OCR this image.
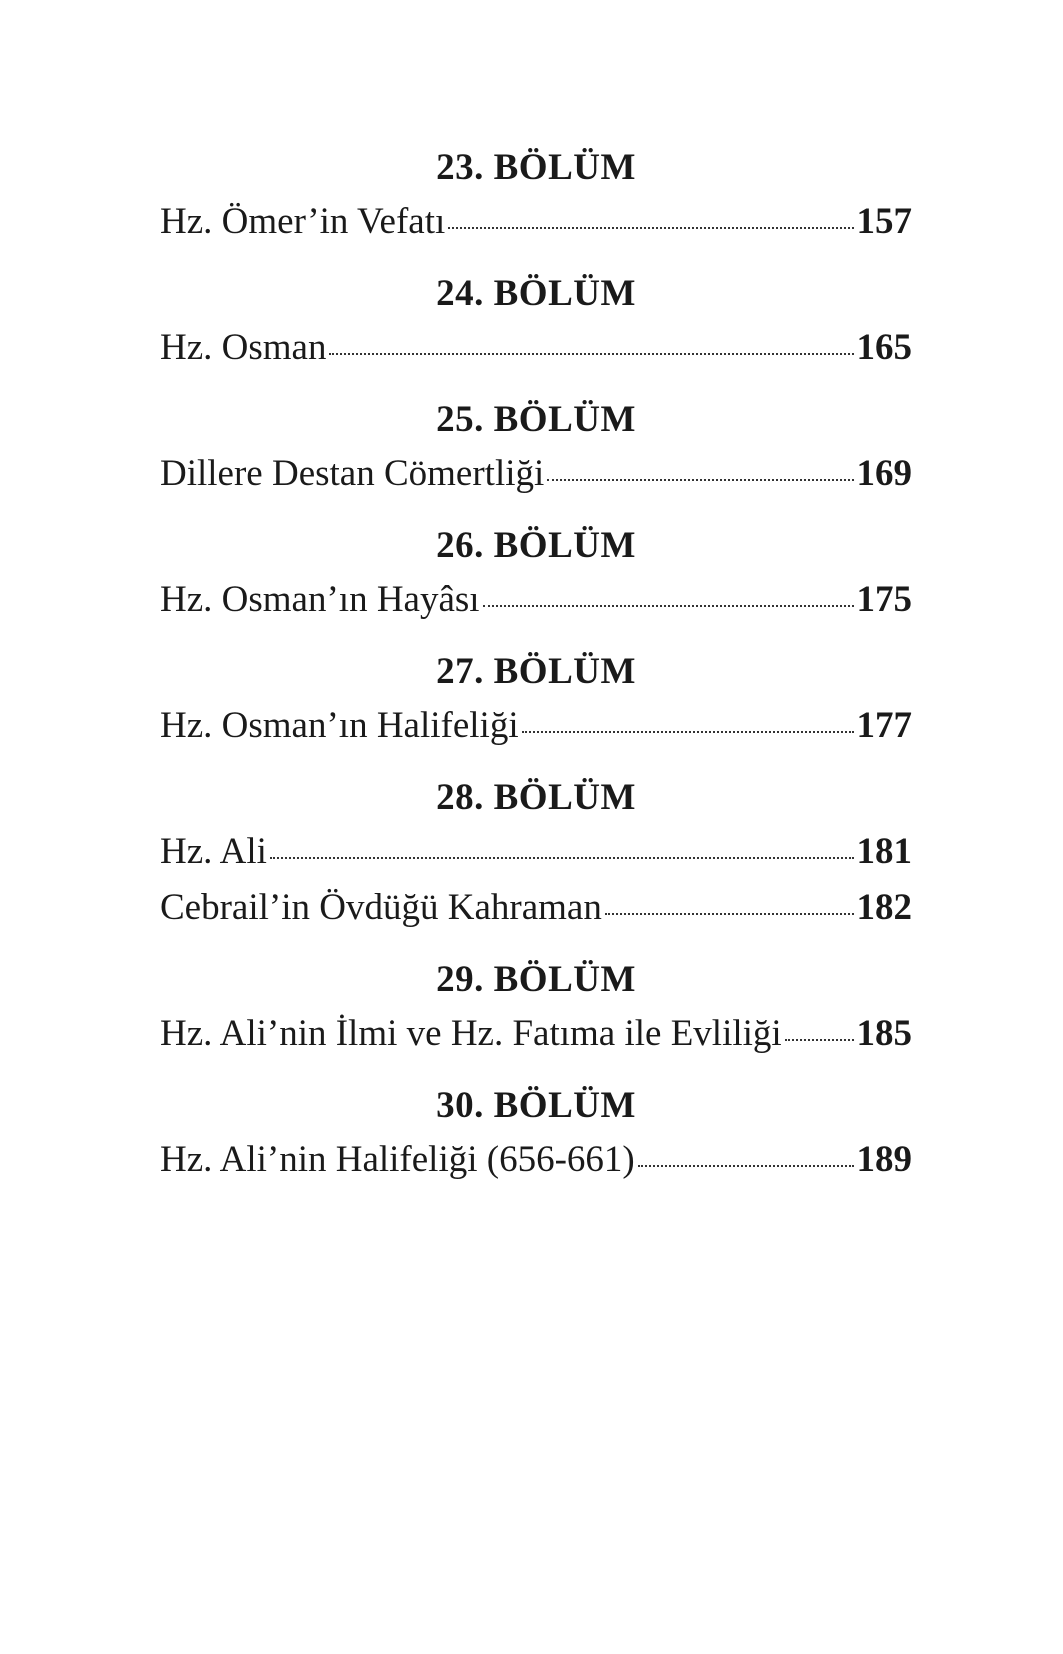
23. BÖLÜM
Hz. Ömer’in Vefatı	157
24. BÖLÜM
Hz. Osman	165
25. BÖLÜM
Dillere Destan Cömertliği	169
26. BÖLÜM
Hz. Osman’ın Hayâsı	175
27. BÖLÜM
Hz. Osman’ın Halifeliği	177
28. BÖLÜM
Hz. Ali	181
Cebrail’in Övdüğü Kahraman	182
29. BÖLÜM
Hz. Ali’nin İlmi ve Hz. Fatıma ile Evliliği 185
30. BÖLÜM
Hz. Ali’nin Halifeliği (656-661)	189
